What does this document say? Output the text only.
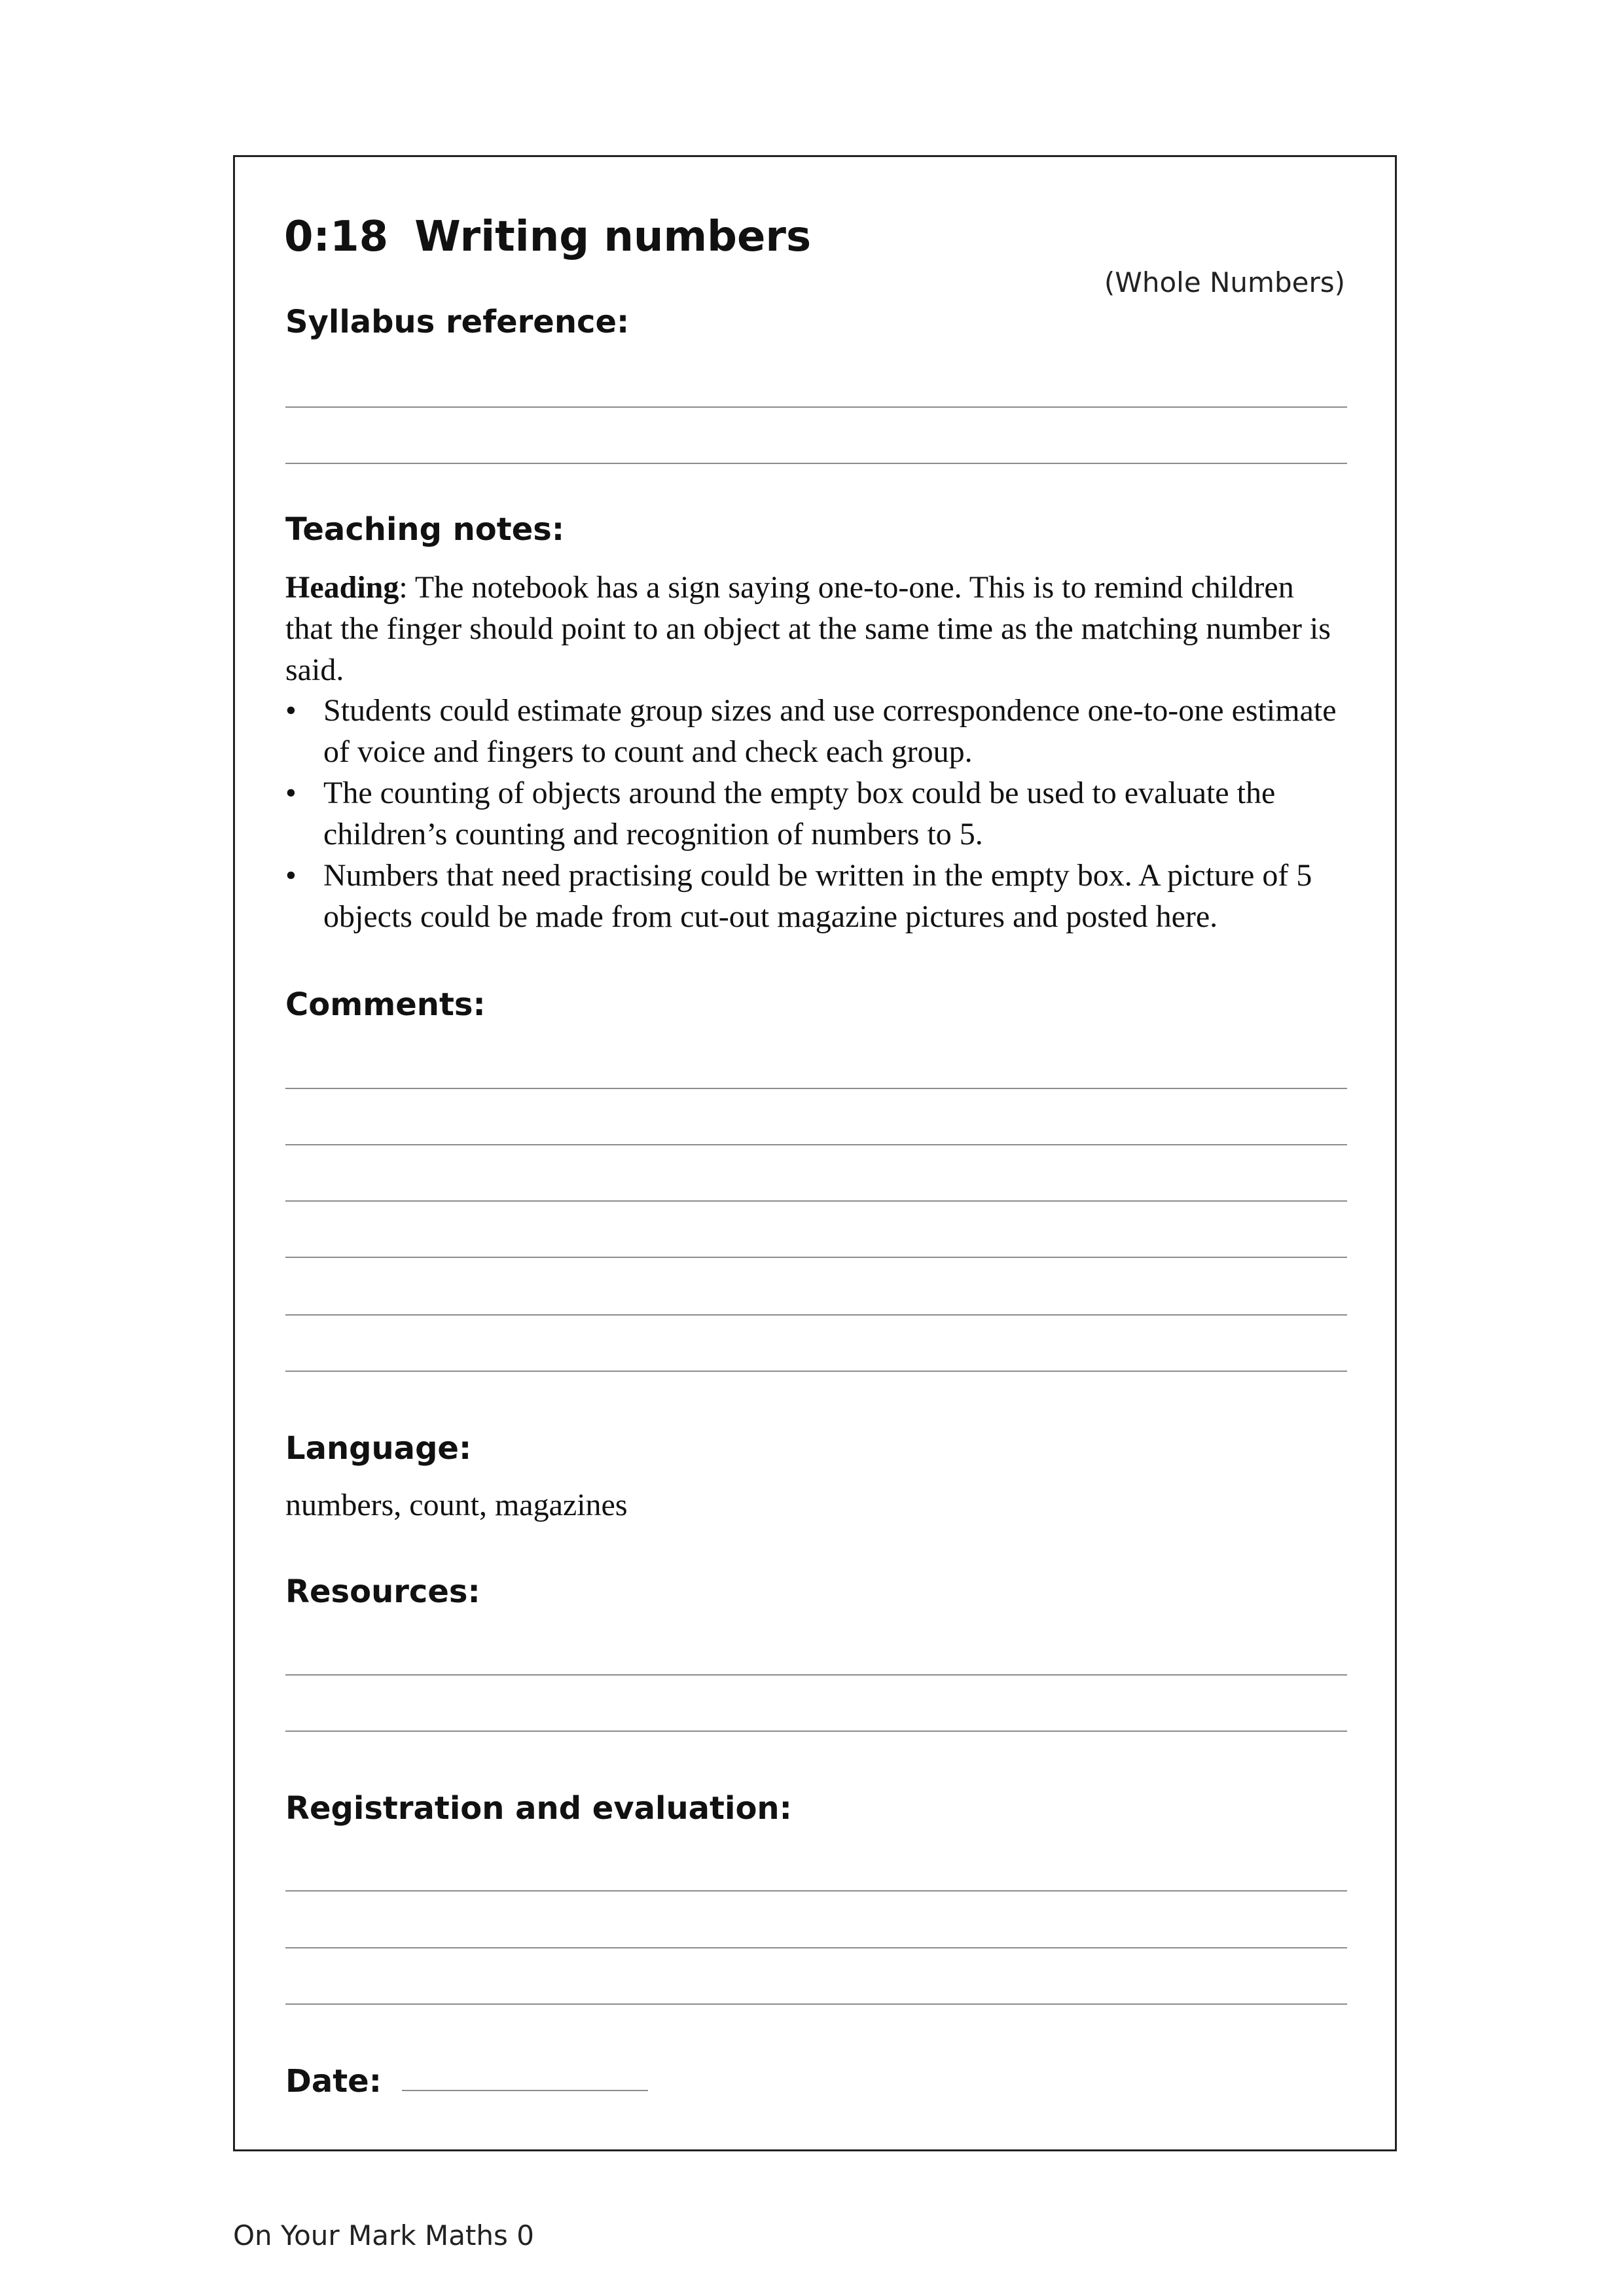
0:18 Writing numbers
(Whole Numbers)
Syllabus reference:
Teaching notes:
Heading: The notebook has a sign saying one-to-one. This is to remind children that the finger should point to an object at the same time as the matching number is said.
• Students could estimate group sizes and use correspondence one-to-one estimate of voice and fingers to count and check each group.
• The counting of objects around the empty box could be used to evaluate the children’s counting and recognition of numbers to 5.
• Numbers that need practising could be written in the empty box. A picture of 5 objects could be made from cut-out magazine pictures and posted here.
Comments:
Language:
numbers, count, magazines
Resources:
Registration and evaluation:
Date:
On Your Mark Maths 0
